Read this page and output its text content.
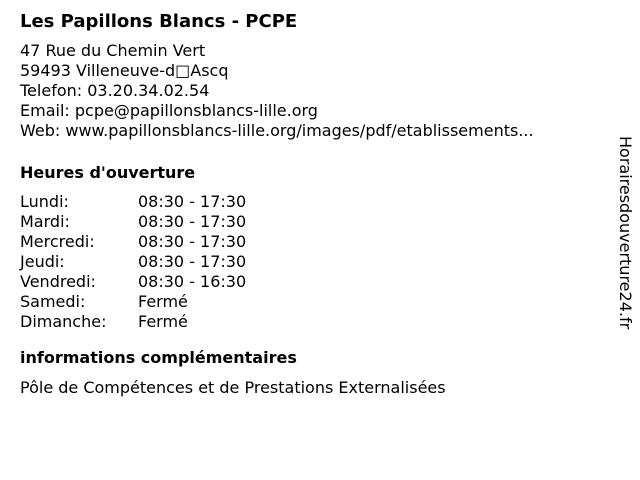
Les Papillons Blancs - PCPE
47 Rue du Chemin Vert
59493 Villeneuve-d□Ascq
Telefon: 03.20.34.02.54
Email: pcpe@papillonsblancs-lille.org
Web: www.papillonsblancs-lille.org/images/pdf/etablissements...
Heures d'ouverture
Lundi:	08:30 - 17:30
Mardi:	08:30 - 17:30
Mercredi:	08:30 - 17:30
Jeudi:	08:30 - 17:30
Vendredi:	08:30 - 16:30
Samedi:	Fermé
Dimanche:	Fermé
informations complémentaires
Pôle de Compétences et de Prestations Externalisées
Horairesdouverture24.fr
